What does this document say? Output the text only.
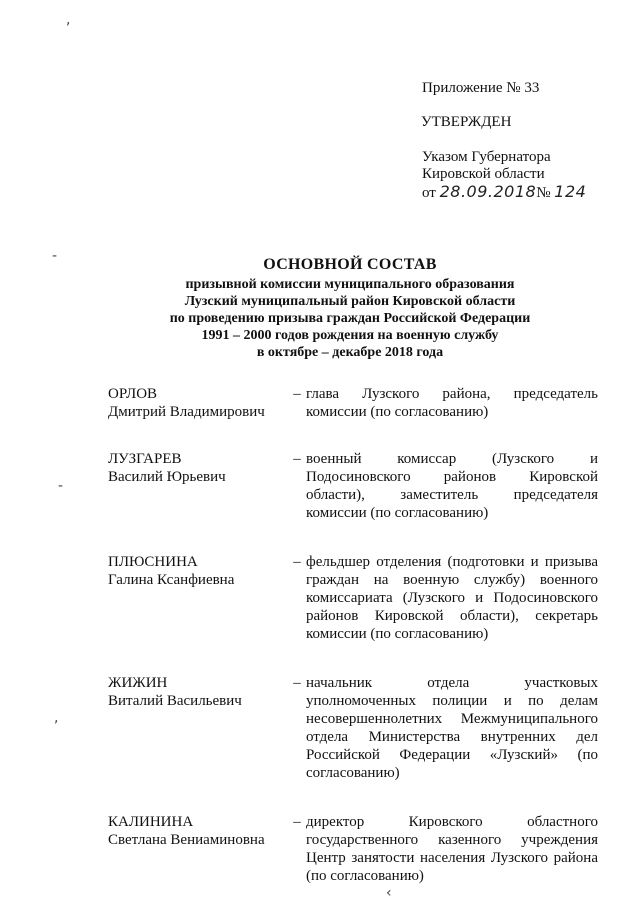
,
-
-
,
‹
Приложение № 33
УТВЕРЖДЕН
Указом Губернатора
Кировской области
от 28.09.2018№ 124
ОСНОВНОЙ СОСТАВ
призывной комиссии муниципального образования
Лузский муниципальный район Кировской области
по проведению призыва граждан Российской Федерации
1991 – 2000 годов рождения на военную службу
в октябре – декабре 2018 года
ОРЛОВ
Дмитрий Владимирович
– глава Лузского района, председатель комиссии (по согласованию)
ЛУЗГАРЕВ
Василий Юрьевич
– военный комиссар (Лузского и Подосиновского районов Кировской области), заместитель председателя комиссии (по согласованию)
ПЛЮСНИНА
Галина Ксанфиевна
– фельдшер отделения (подготовки и призыва граждан на военную службу) военного комиссариата (Лузского и Подосиновского районов Кировской области), секретарь комиссии (по согласованию)
ЖИЖИН
Виталий Васильевич
– начальник отдела участковых уполномоченных полиции и по делам несовершеннолетних Межмуниципального отдела Министерства внутренних дел Российской Федерации «Лузский» (по согласованию)
КАЛИНИНА
Светлана Вениаминовна
– директор Кировского областного государственного казенного учреждения Центр занятости населения Лузского района (по согласованию)
